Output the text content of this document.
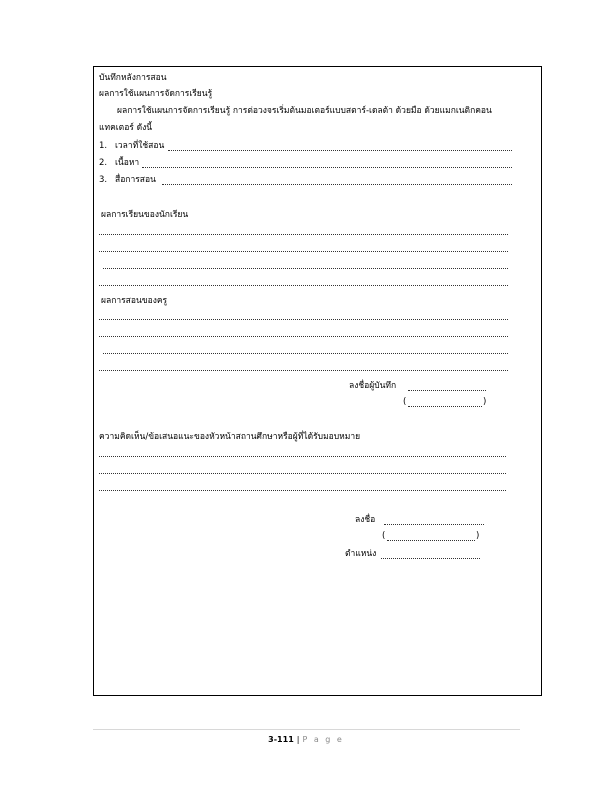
บันทึกหลังการสอน
ผลการใช้แผนการจัดการเรียนรู้
ผลการใช้แผนการจัดการเรียนรู้ การต่อวงจรเริ่มต้นมอเตอร์แบบสตาร์-เดลต้า ด้วยมือ ด้วยแมกเนติกคอน
แทคเตอร์ ดังนี้
1. เวลาที่ใช้สอน
2. เนื้อหา
3. สื่อการสอน
ผลการเรียนของนักเรียน
ผลการสอนของครู
ลงชื่อผู้บันทึก
(	)
ความคิดเห็น/ข้อเสนอแนะของหัวหน้าสถานศึกษาหรือผู้ที่ได้รับมอบหมาย
ลงชื่อ
(	)
ตำแหน่ง
3-111 | P a g e
